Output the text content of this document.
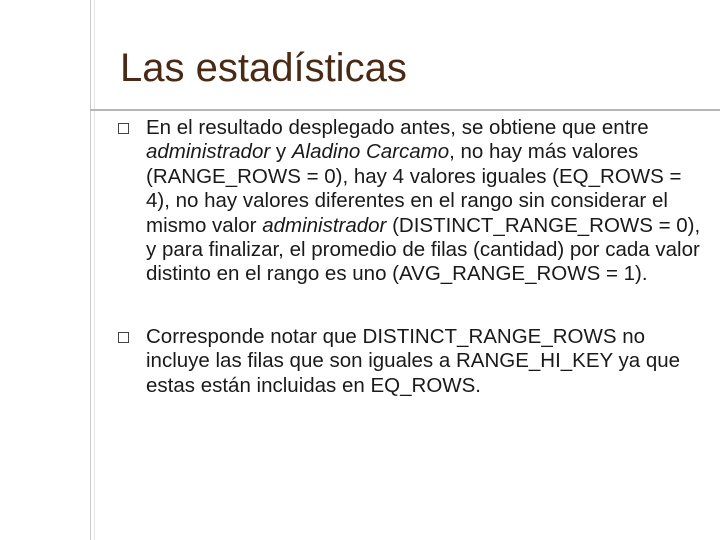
Las estadísticas
En el resultado desplegado antes, se obtiene que entre administrador y Aladino Carcamo, no hay más valores (RANGE_ROWS = 0), hay 4 valores iguales (EQ_ROWS = 4), no hay valores diferentes en el rango sin considerar el mismo valor administrador (DISTINCT_RANGE_ROWS = 0), y para finalizar, el promedio de filas (cantidad) por cada valor distinto en el rango es uno (AVG_RANGE_ROWS = 1).
Corresponde notar que DISTINCT_RANGE_ROWS no incluye las filas que son iguales a RANGE_HI_KEY ya que estas están incluidas en EQ_ROWS.
